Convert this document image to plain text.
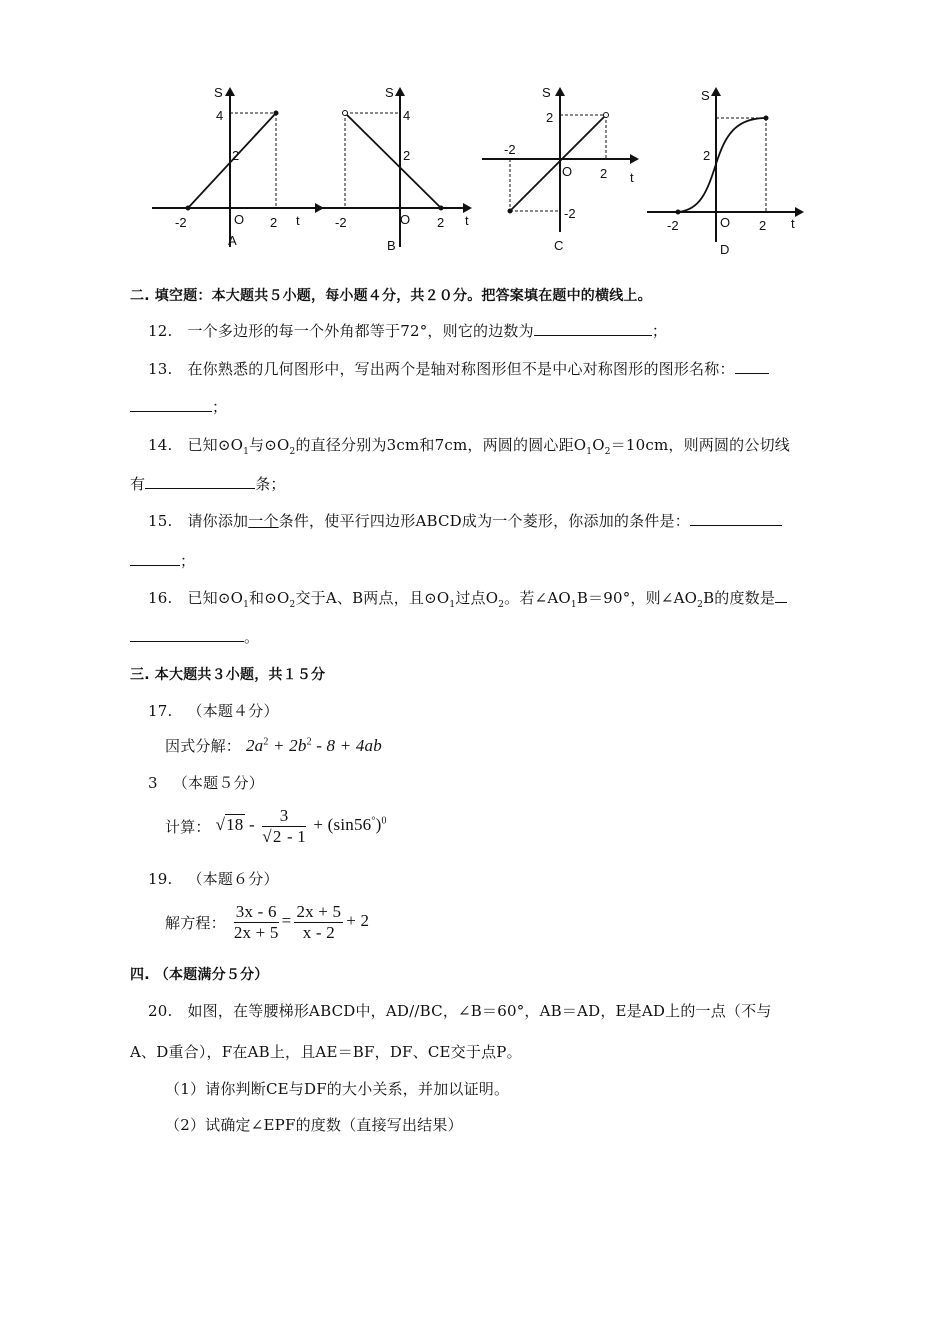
S
4
2
O
-2	2 t
A
S
4
2
O
-2	2 t
B
S
2
-2
O
-2
2 t
C
S
2
O
-2	2 t
D
二. 填空题：本大题共５小题，每小题４分，共２０分。把答案填在题中的横线上。
12. 一个多边形的每一个外角都等于72°，则它的边数为	；
13. 在你熟悉的几何图形中，写出两个是轴对称图形但不是中心对称图形的图形名称：
；
14. 已知$⊙O_1$与$⊙O_2$的直径分别为3cm和7cm，两圆的圆心距$O_1O_2=10cm$，则两圆的公切线
有	条；
15. 请你添加一个条件，使平行四边形ABCD成为一个菱形，你添加的条件是：
；
16. 已知$⊙O_1$和$⊙O_2$交于A、B两点，且$⊙O_1$过点$O_2$。若$\angle AO_1B=90^\circ$，则$\angle AO_2B$的度数是
。
三. 本大题共３小题，共１５分
17. （本题４分）
因式分解： $2a^2 + 2b^2 - 8 + 4ab$
3 （本题５分）
计算： $√18 - \frac{3}{√2 - 1} + (\sin 56^\circ)^0$
19. （本题６分）
解方程： $\frac{3x - 6}{2x + 5} = \frac{2x + 5}{x - 2} + 2$
四. （本题满分５分）
20. 如图，在等腰梯形ABCD中，AD//BC，∠B＝60°，AB＝AD，E是AD上的一点（不与
A、D重合），F在AB上，且AE＝BF，DF、CE交于点P。
（1）请你判断CE与DF的大小关系，并加以证明。
（2）试确定∠EPF的度数（直接写出结果）
